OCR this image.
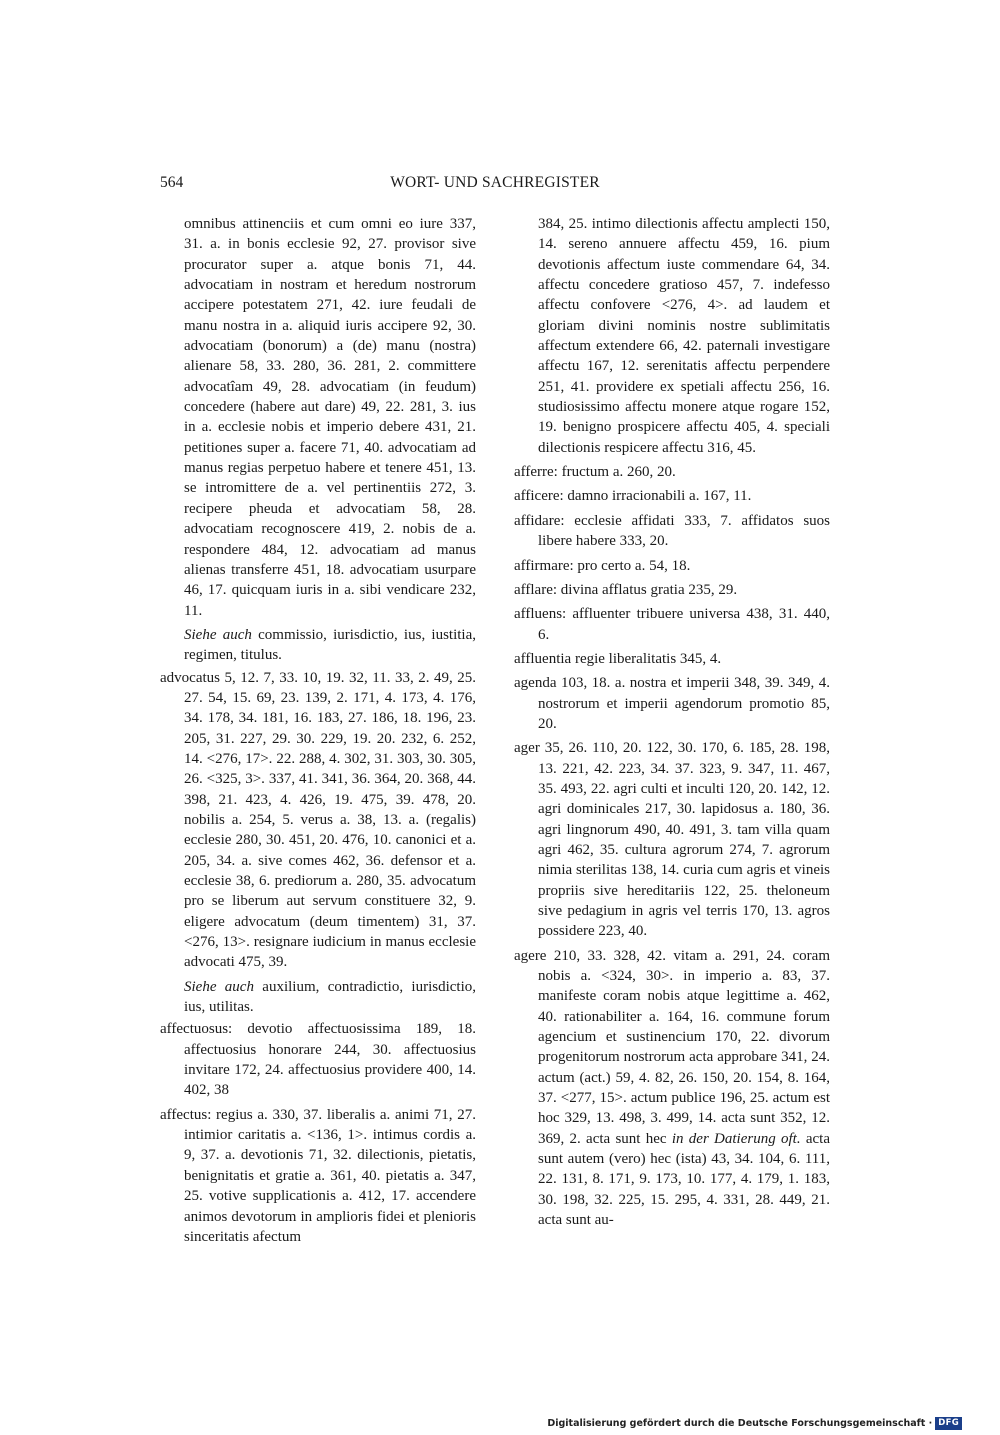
564	WORT- UND SACHREGISTER

omnibus attinenciis et cum omni eo iure 337, 31. a. in bonis ecclesie 92, 27. provisor sive procurator super a. atque bonis 71, 44. advocatiam in nostram et heredum nostrorum accipere potestatem 271, 42. iure feudali de manu nostra in a. aliquid iuris accipere 92, 30. advocatiam (bonorum) a (de) manu (nostra) alienare 58, 33. 280, 36. 281, 2. committere advocatîam 49, 28. advocatiam (in feudum) concedere (habere aut dare) 49, 22. 281, 3. ius in a. ecclesie nobis et imperio debere 431, 21. petitiones super a. facere 71, 40. advocatiam ad manus regias perpetuo habere et tenere 451, 13. se intromittere de a. vel pertinentiis 272, 3. recipere pheuda et advocatiam 58, 28. advocatiam recognoscere 419, 2. nobis de a. respondere 484, 12. advocatiam ad manus alienas transferre 451, 18. advocatiam usurpare 46, 17. quicquam iuris in a. sibi vendicare 232, 11.

Siehe auch commissio, iurisdictio, ius, iustitia, regimen, titulus.

advocatus 5, 12. 7, 33. 10, 19. 32, 11. 33, 2. 49, 25. 27. 54, 15. 69, 23. 139, 2. 171, 4. 173, 4. 176, 34. 178, 34. 181, 16. 183, 27. 186, 18. 196, 23. 205, 31. 227, 29. 30. 229, 19. 20. 232, 6. 252, 14. <276, 17>. 22. 288, 4. 302, 31. 303, 30. 305, 26. <325, 3>. 337, 41. 341, 36. 364, 20. 368, 44. 398, 21. 423, 4. 426, 19. 475, 39. 478, 20. nobilis a. 254, 5. verus a. 38, 13. a. (regalis) ecclesie 280, 30. 451, 20. 476, 10. canonici et a. 205, 34. a. sive comes 462, 36. defensor et a. ecclesie 38, 6. prediorum a. 280, 35. advocatum pro se liberum aut servum constituere 32, 9. eligere advocatum (deum timentem) 31, 37. <276, 13>. resignare iudicium in manus ecclesie advocati 475, 39.

Siehe auch auxilium, contradictio, iurisdictio, ius, utilitas.

affectuosus: devotio affectuosissima 189, 18. affectuosius honorare 244, 30. affectuosius invitare 172, 24. affectuosius providere 400, 14. 402, 38

affectus: regius a. 330, 37. liberalis a. animi 71, 27. intimior caritatis a. <136, 1>. intimus cordis a. 9, 37. a. devotionis 71, 32. dilectionis, pietatis, benignitatis et gratie a. 361, 40. pietatis a. 347, 25. votive supplicationis a. 412, 17. accendere animos devotorum in amplioris fidei et plenioris sinceritatis afectum

384, 25. intimo dilectionis affectu amplecti 150, 14. sereno annuere affectu 459, 16. pium devotionis affectum iuste commendare 64, 34. affectu concedere gratioso 457, 7. indefesso affectu confovere <276, 4>. ad laudem et gloriam divini nominis nostre sublimitatis affectum extendere 66, 42. paternali investigare affectu 167, 12. serenitatis affectu perpendere 251, 41. providere ex spetiali affectu 256, 16. studiosissimo affectu monere atque rogare 152, 19. benigno prospicere affectu 405, 4. speciali dilectionis respicere affectu 316, 45.

afferre: fructum a. 260, 20.

afficere: damno irracionabili a. 167, 11.

affidare: ecclesie affidati 333, 7. affidatos suos libere habere 333, 20.

affirmare: pro certo a. 54, 18.

afflare: divina afflatus gratia 235, 29.

affluens: affluenter tribuere universa 438, 31. 440, 6.

affluentia regie liberalitatis 345, 4.

agenda 103, 18. a. nostra et imperii 348, 39. 349, 4. nostrorum et imperii agendorum promotio 85, 20.

ager 35, 26. 110, 20. 122, 30. 170, 6. 185, 28. 198, 13. 221, 42. 223, 34. 37. 323, 9. 347, 11. 467, 35. 493, 22. agri culti et inculti 120, 20. 142, 12. agri dominicales 217, 30. lapidosus a. 180, 36. agri lingnorum 490, 40. 491, 3. tam villa quam agri 462, 35. cultura agrorum 274, 7. agrorum nimia sterilitas 138, 14. curia cum agris et vineis propriis sive hereditariis 122, 25. theloneum sive pedagium in agris vel terris 170, 13. agros possidere 223, 40.

agere 210, 33. 328, 42. vitam a. 291, 24. coram nobis a. <324, 30>. in imperio a. 83, 37. manifeste coram nobis atque legittime a. 462, 40. rationabiliter a. 164, 16. commune forum agencium et sustinencium 170, 22. divorum progenitorum nostrorum acta approbare 341, 24. actum (act.) 59, 4. 82, 26. 150, 20. 154, 8. 164, 37. <277, 15>. actum publice 196, 25. actum est hoc 329, 13. 498, 3. 499, 14. acta sunt 352, 12. 369, 2. acta sunt hec in der Datierung oft. acta sunt autem (vero) hec (ista) 43, 34. 104, 6. 111, 22. 131, 8. 171, 9. 173, 10. 177, 4. 179, 1. 183, 30. 198, 32. 225, 15. 295, 4. 331, 28. 449, 21. acta sunt au-

Digitalisierung gefördert durch die Deutsche Forschungsgemeinschaft · DFG
